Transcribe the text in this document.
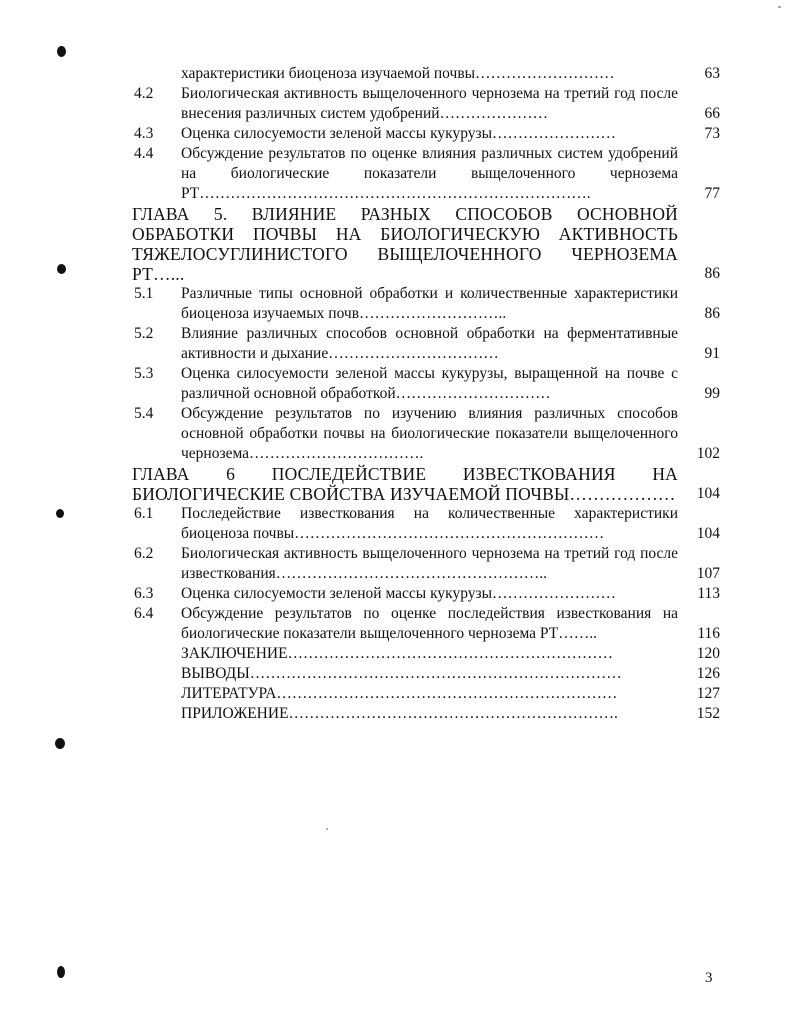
характеристики биоценоза изучаемой почвы………………………	63
4.2	Биологическая активность выщелоченного чернозема на третий год после внесения различных систем удобрений…………………	66
4.3	Оценка силосуемости зеленой массы кукурузы……………………	73
4.4	Обсуждение результатов по оценке влияния различных систем удобрений на биологические показатели выщелоченного чернозема РТ………………………………………………………………….	77
ГЛАВА 5. ВЛИЯНИЕ РАЗНЫХ СПОСОБОВ ОСНОВНОЙ ОБРАБОТКИ ПОЧВЫ НА БИОЛОГИЧЕСКУЮ АКТИВНОСТЬ ТЯЖЕЛОСУГЛИНИСТОГО ВЫЩЕЛОЧЕННОГО ЧЕРНОЗЕМА РТ…...	86
5.1	Различные типы основной обработки и количественные характеристики биоценоза изучаемых почв………………………..	86
5.2	Влияние различных способов основной обработки на ферментативные активности и дыхание……………………………	91
5.3	Оценка силосуемости зеленой массы кукурузы, выращенной на почве с различной основной обработкой…………………………	99
5.4	Обсуждение результатов по изучению влияния различных способов основной обработки почвы на биологические показатели выщелоченного чернозема…………………………….	102
ГЛАВА 6 ПОСЛЕДЕЙСТВИЕ ИЗВЕСТКОВАНИЯ НА БИОЛОГИЧЕСКИЕ СВОЙСТВА ИЗУЧАЕМОЙ ПОЧВЫ………………	104
6.1	Последействие известкования на количественные характеристики биоценоза почвы……………………………………………………	104
6.2	Биологическая активность выщелоченного чернозема на третий год после известкования……………………………………………..	107
6.3	Оценка силосуемости зеленой массы кукурузы……………………	113
6.4	Обсуждение результатов по оценке последействия известкования на биологические показатели выщелоченного чернозема РТ……..	116
ЗАКЛЮЧЕНИЕ………………………………………………………	120
ВЫВОДЫ………………………………………………………………	126
ЛИТЕРАТУРА…………………………………………………………	127
ПРИЛОЖЕНИЕ……………………………………………………….	152
3
